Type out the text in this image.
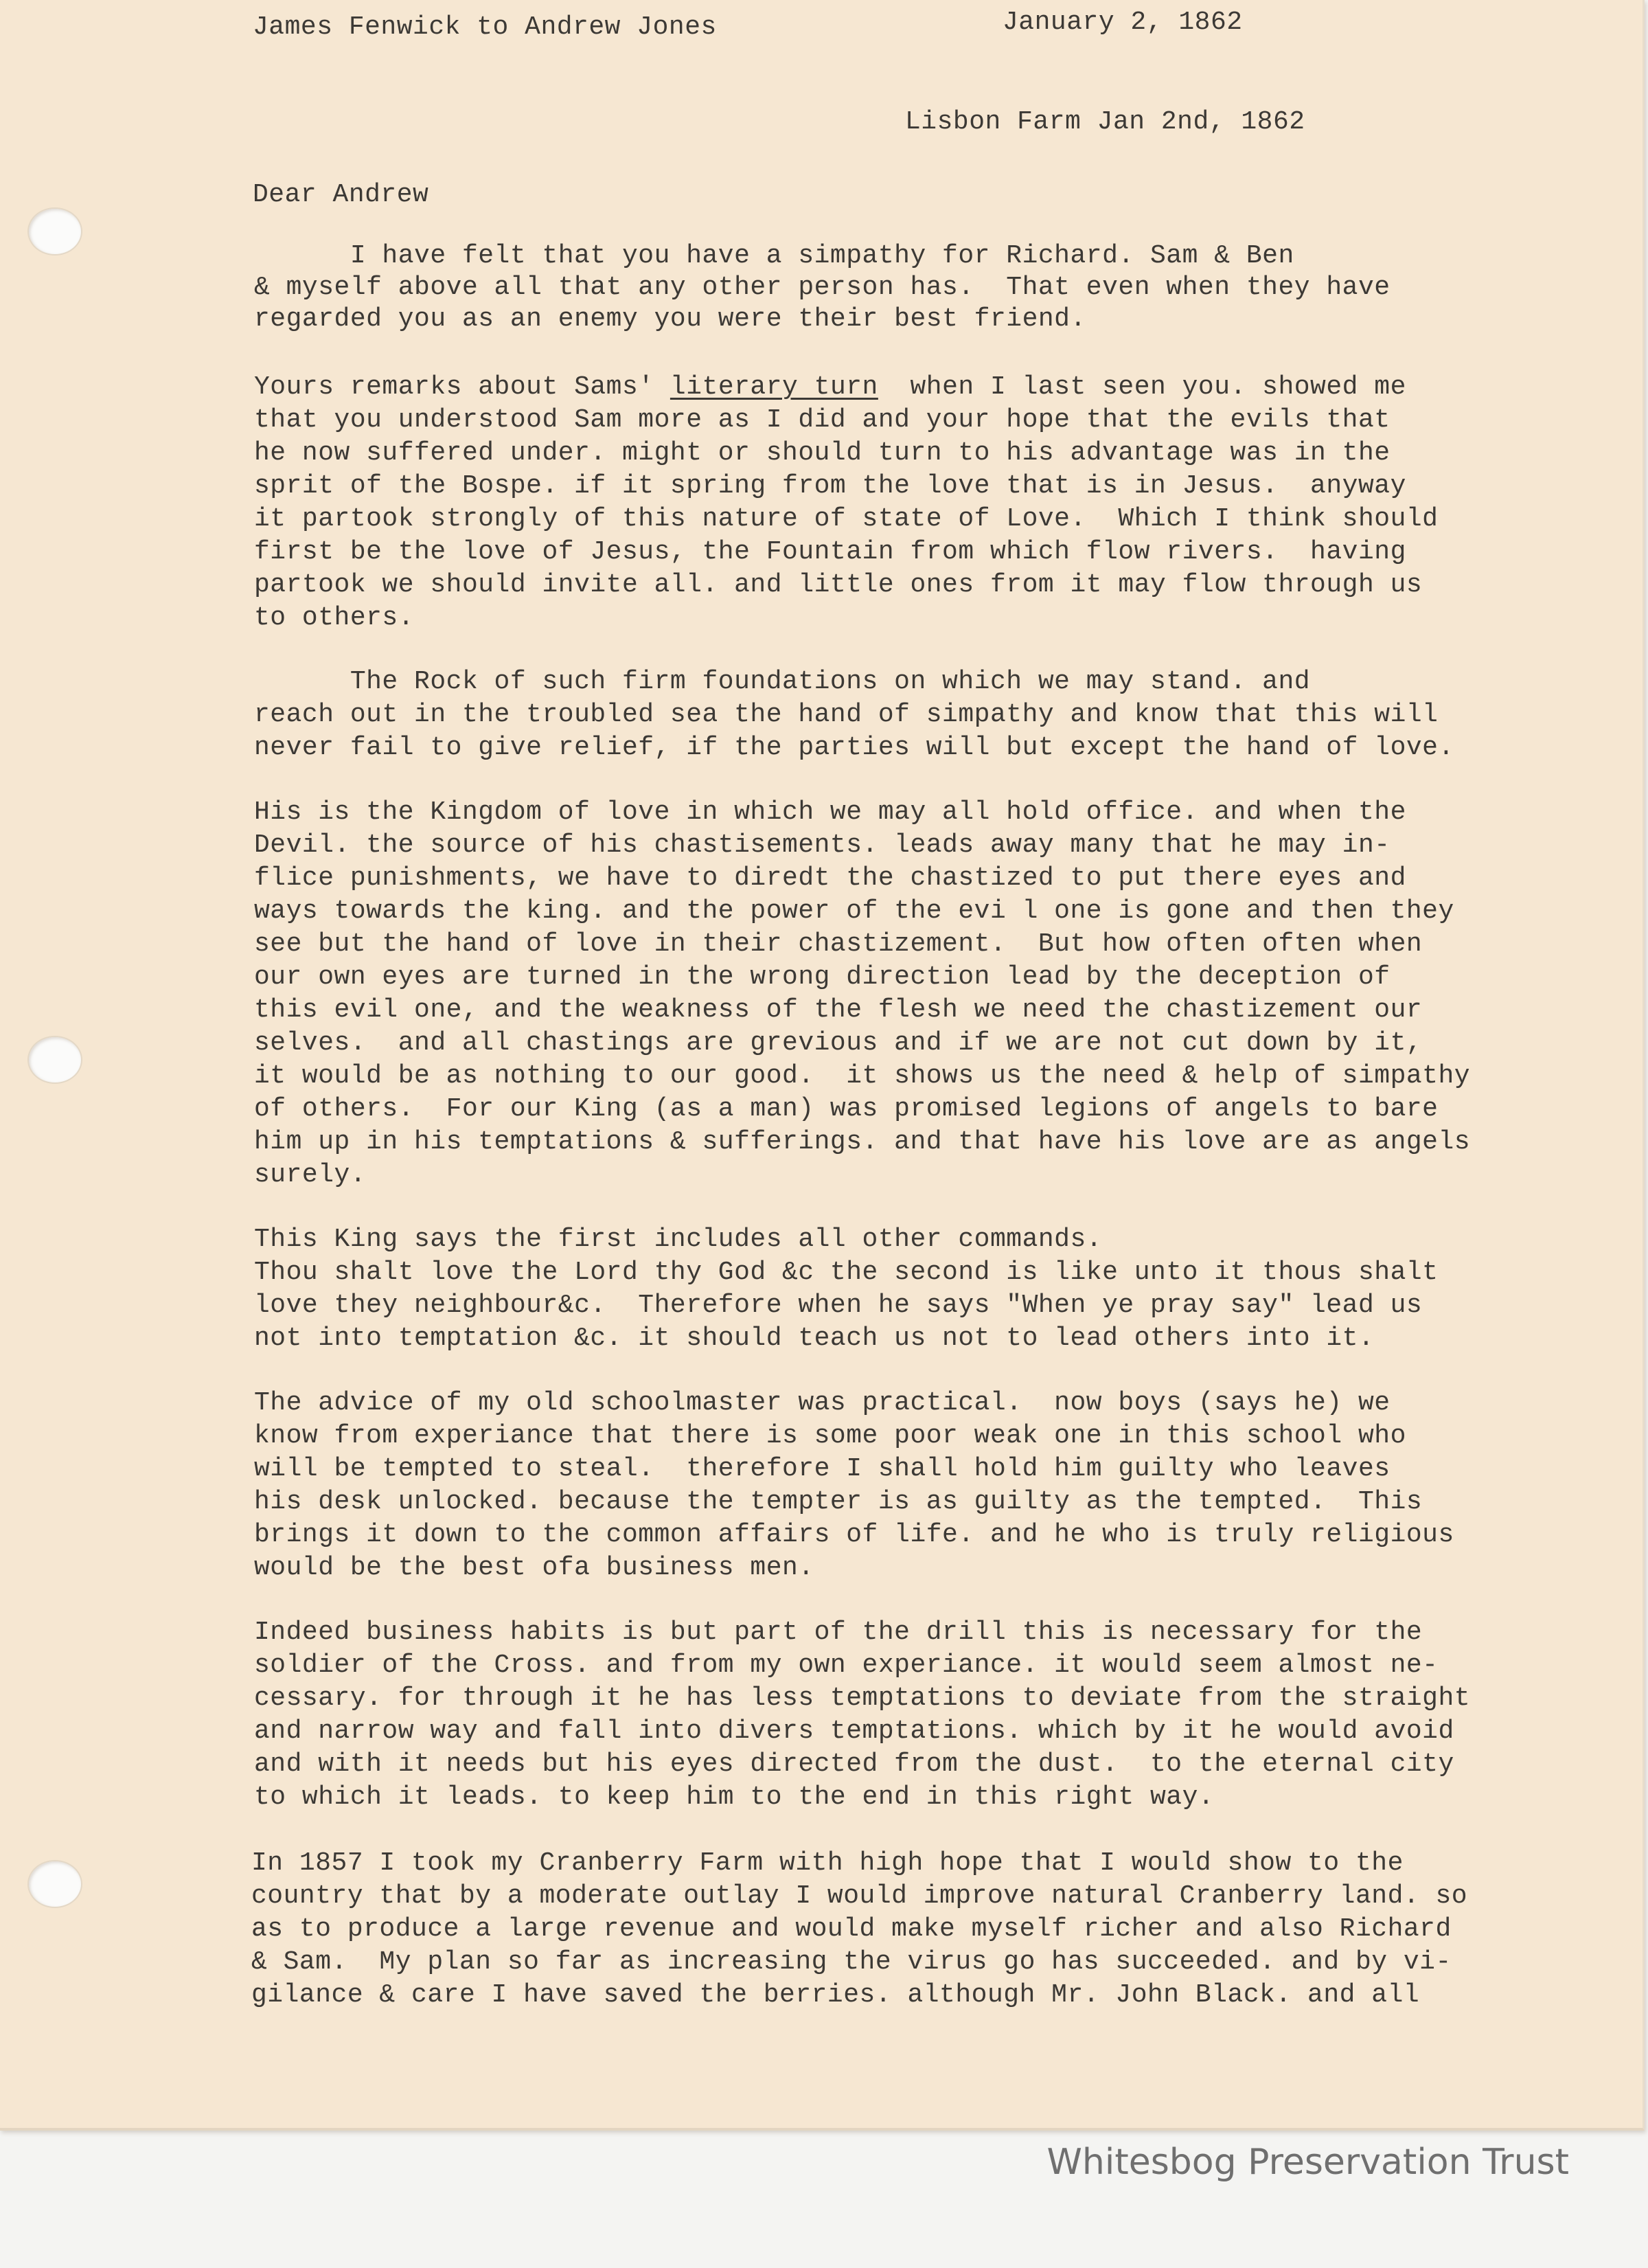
James Fenwick to Andrew Jones	January 2, 1862
Lisbon Farm Jan 2nd, 1862
Dear Andrew
I have felt that you have a simpathy for Richard. Sam & Ben
& myself above all that any other person has.  That even when they have
regarded you as an enemy you were their best friend.
Yours remarks about Sams' literary turn when I last seen you. showed me
that you understood Sam more as I did and your hope that the evils that
he now suffered under. might or should turn to his advantage was in the
sprit of the Bospe. if it spring from the love that is in Jesus.  anyway
it partook strongly of this nature of state of Love.  Which I think should
first be the love of Jesus, the Fountain from which flow rivers.  having
partook we should invite all. and little ones from it may flow through us
to others.
The Rock of such firm foundations on which we may stand. and
reach out in the troubled sea the hand of simpathy and know that this will
never fail to give relief, if the parties will but except the hand of love.
His is the Kingdom of love in which we may all hold office. and when the
Devil. the source of his chastisements. leads away many that he may in-
flice punishments, we have to diredt the chastized to put there eyes and
ways towards the king. and the power of the evi l one is gone and then they
see but the hand of love in their chastizement.  But how often often when
our own eyes are turned in the wrong direction lead by the deception of
this evil one, and the weakness of the flesh we need the chastizement our
selves.  and all chastings are grevious and if we are not cut down by it,
it would be as nothing to our good.  it shows us the need & help of simpathy
of others.  For our King (as a man) was promised legions of angels to bare
him up in his temptations & sufferings. and that have his love are as angels
surely.
This King says the first includes all other commands.
Thou shalt love the Lord thy God &c the second is like unto it thous shalt
love they neighbour&c.  Therefore when he says "When ye pray say" lead us
not into temptation &c. it should teach us not to lead others into it.
The advice of my old schoolmaster was practical.  now boys (says he) we
know from experiance that there is some poor weak one in this school who
will be tempted to steal.  therefore I shall hold him guilty who leaves
his desk unlocked. because the tempter is as guilty as the tempted.  This
brings it down to the common affairs of life. and he who is truly religious
would be the best ofa business men.
Indeed business habits is but part of the drill this is necessary for the
soldier of the Cross. and from my own experiance. it would seem almost ne-
cessary. for through it he has less temptations to deviate from the straight
and narrow way and fall into divers temptations. which by it he would avoid
and with it needs but his eyes directed from the dust.  to the eternal city
to which it leads. to keep him to the end in this right way.
In 1857 I took my Cranberry Farm with high hope that I would show to the
country that by a moderate outlay I would improve natural Cranberry land. so
as to produce a large revenue and would make myself richer and also Richard
& Sam.  My plan so far as increasing the virus go has succeeded. and by vi-
gilance & care I have saved the berries. although Mr. John Black. and all
Whitesbog Preservation Trust
